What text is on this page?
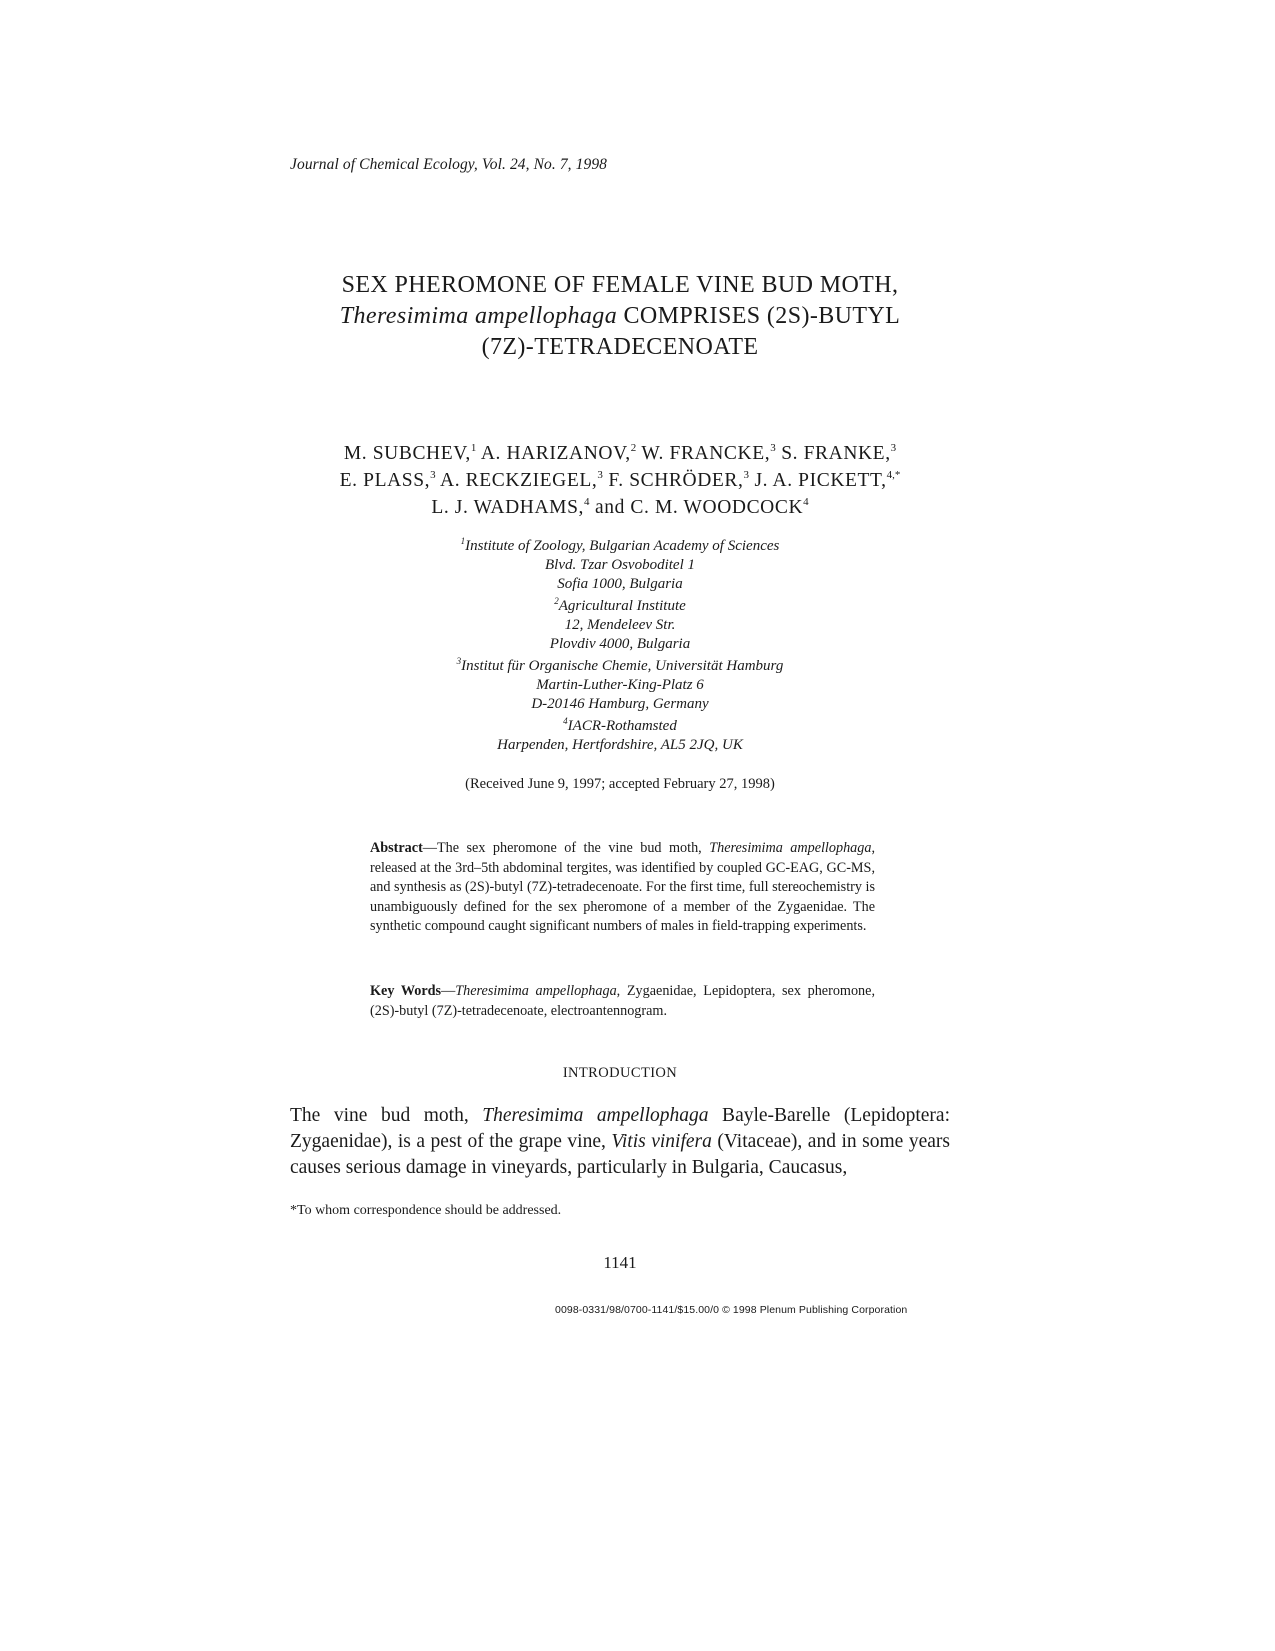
Journal of Chemical Ecology, Vol. 24, No. 7, 1998
SEX PHEROMONE OF FEMALE VINE BUD MOTH,
Theresimima ampellophaga COMPRISES (2S)-BUTYL
(7Z)-TETRADECENOATE
M. SUBCHEV,$^1$ A. HARIZANOV,$^2$ W. FRANCKE,$^3$ S. FRANKE,$^3$
E. PLASS,$^3$ A. RECKZIEGEL,$^3$ F. SCHRÖDER,$^3$ J. A. PICKETT,$^{4,*}$
L. J. WADHAMS,$^4$ and C. M. WOODCOCK$^4$
$^1$Institute of Zoology, Bulgarian Academy of Sciences
Blvd. Tzar Osvoboditel 1
Sofia 1000, Bulgaria
$^2$Agricultural Institute
12, Mendeleev Str.
Plovdiv 4000, Bulgaria
$^3$Institut für Organische Chemie, Universität Hamburg
Martin-Luther-King-Platz 6
D-20146 Hamburg, Germany
$^4$IACR-Rothamsted
Harpenden, Hertfordshire, AL5 2JQ, UK
(Received June 9, 1997; accepted February 27, 1998)
Abstract—The sex pheromone of the vine bud moth, Theresimima ampellophaga, released at the 3rd–5th abdominal tergites, was identified by coupled GC-EAG, GC-MS, and synthesis as (2S)-butyl (7Z)-tetradecenoate. For the first time, full stereochemistry is unambiguously defined for the sex pheromone of a member of the Zygaenidae. The synthetic compound caught significant numbers of males in field-trapping experiments.
Key Words—Theresimima ampellophaga, Zygaenidae, Lepidoptera, sex pheromone, (2S)-butyl (7Z)-tetradecenoate, electroantennogram.
INTRODUCTION
The vine bud moth, Theresimima ampellophaga Bayle-Barelle (Lepidoptera: Zygaenidae), is a pest of the grape vine, Vitis vinifera (Vitaceae), and in some years causes serious damage in vineyards, particularly in Bulgaria, Caucasus,
*To whom correspondence should be addressed.
1141
0098-0331/98/0700-1141/$15.00/0 © 1998 Plenum Publishing Corporation
